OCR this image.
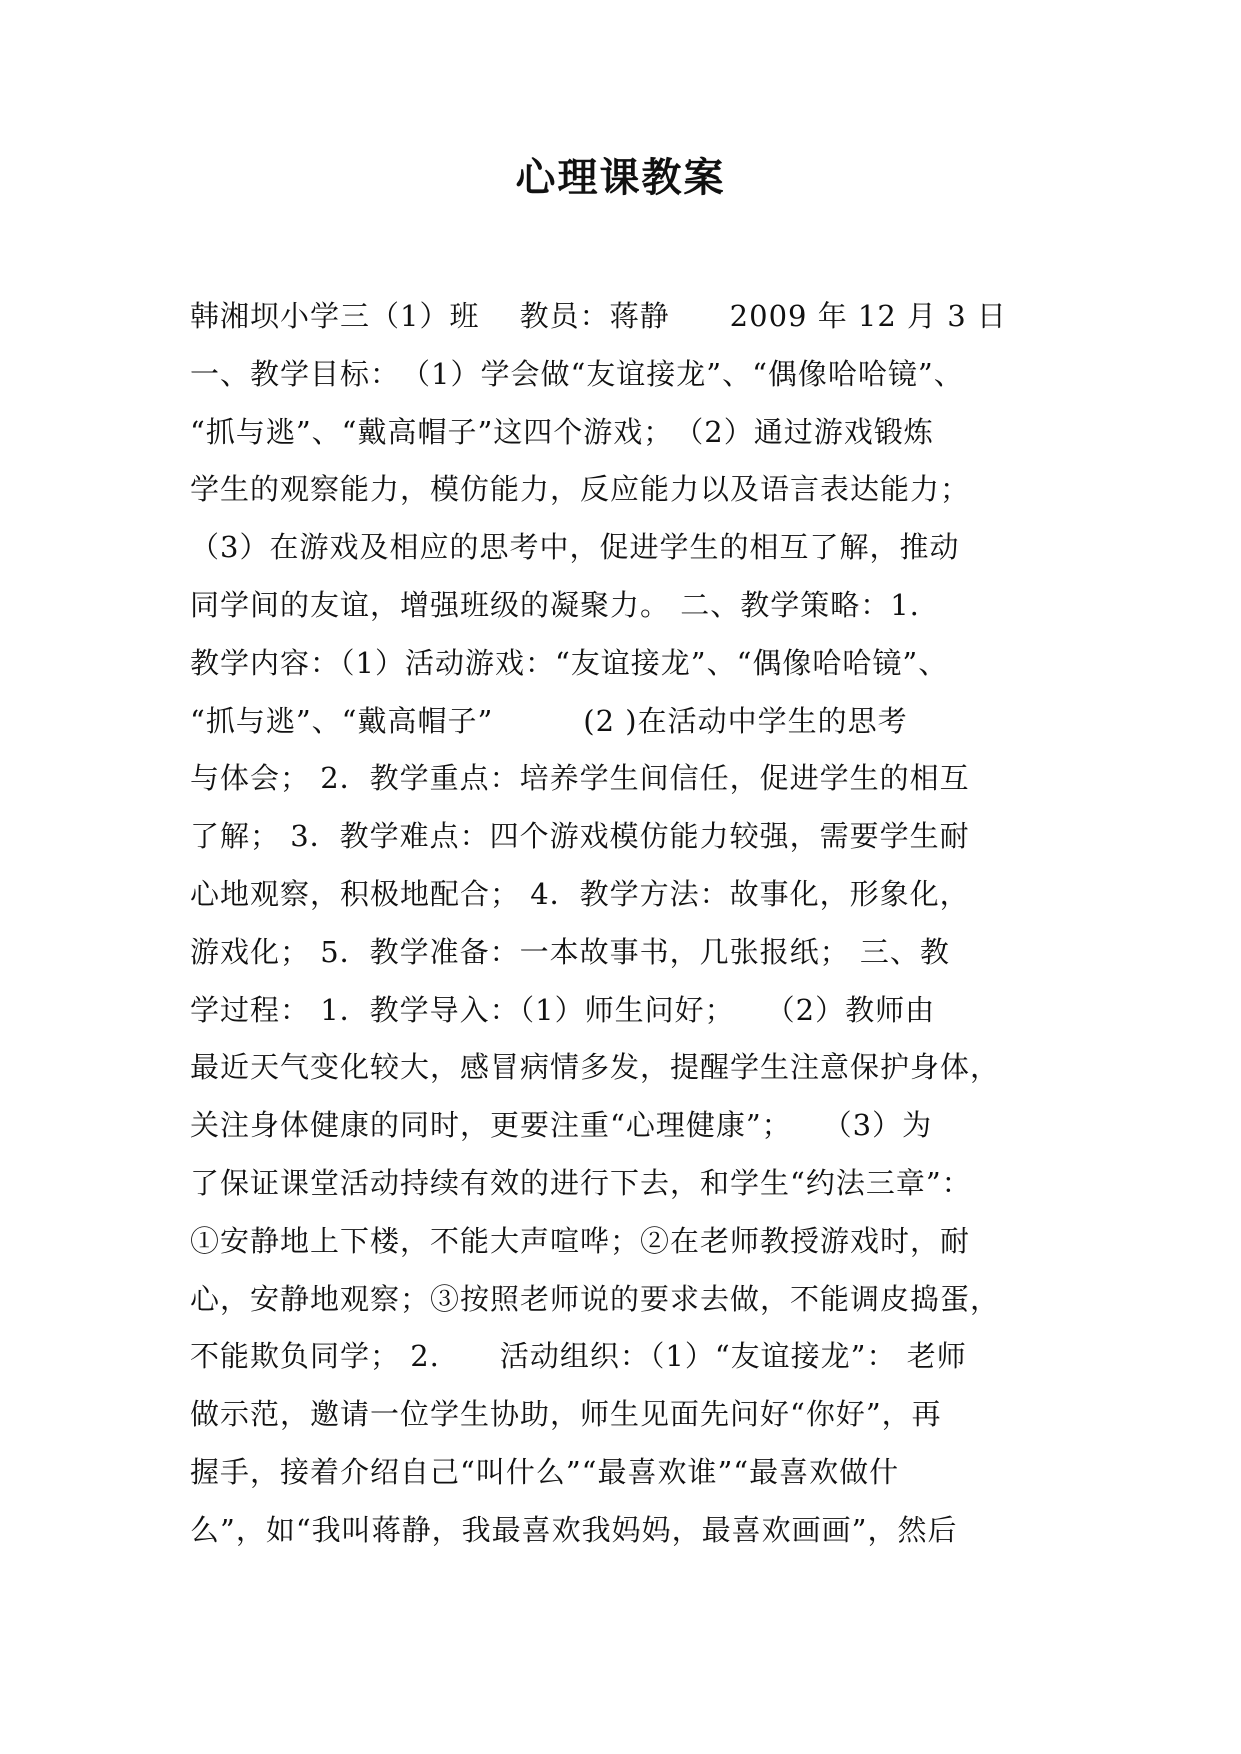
心理课教案
韩湘坝小学三（1）班　 教员：蒋静　　2009 年 12 月 3 日
一、教学目标：　（1）学会做“友谊接龙”、“偶像哈哈镜”、
“抓与逃”、“戴高帽子”这四个游戏；　（2）通过游戏锻炼
学生的观察能力，模仿能力，反应能力以及语言表达能力；
（3）在游戏及相应的思考中，促进学生的相互了解，推动
同学间的友谊，增强班级的凝聚力。 二、教学策略：1.
教学内容：（1）活动游戏：“友谊接龙”、“偶像哈哈镜”、
“抓与逃”、“戴高帽子”　　　(2 )在活动中学生的思考
与体会； 2．教学重点：培养学生间信任，促进学生的相互
了解； 3．教学难点：四个游戏模仿能力较强，需要学生耐
心地观察，积极地配合； 4．教学方法：故事化，形象化，
游戏化； 5．教学准备：一本故事书，几张报纸； 三、教
学过程： 1．教学导入：（1）师生问好；　　（2）教师由
最近天气变化较大，感冒病情多发，提醒学生注意保护身体，
关注身体健康的同时，更要注重“心理健康”；　　（3）为
了保证课堂活动持续有效的进行下去，和学生“约法三章”：
①安静地上下楼，不能大声喧哗；②在老师教授游戏时，耐
心，安静地观察；③按照老师说的要求去做，不能调皮捣蛋，
不能欺负同学； 2.　　活动组织：（1）“友谊接龙”： 老师
做示范，邀请一位学生协助，师生见面先问好“你好”，再
握手，接着介绍自己“叫什么”“最喜欢谁”“最喜欢做什
么”，如“我叫蒋静，我最喜欢我妈妈，最喜欢画画”，然后
